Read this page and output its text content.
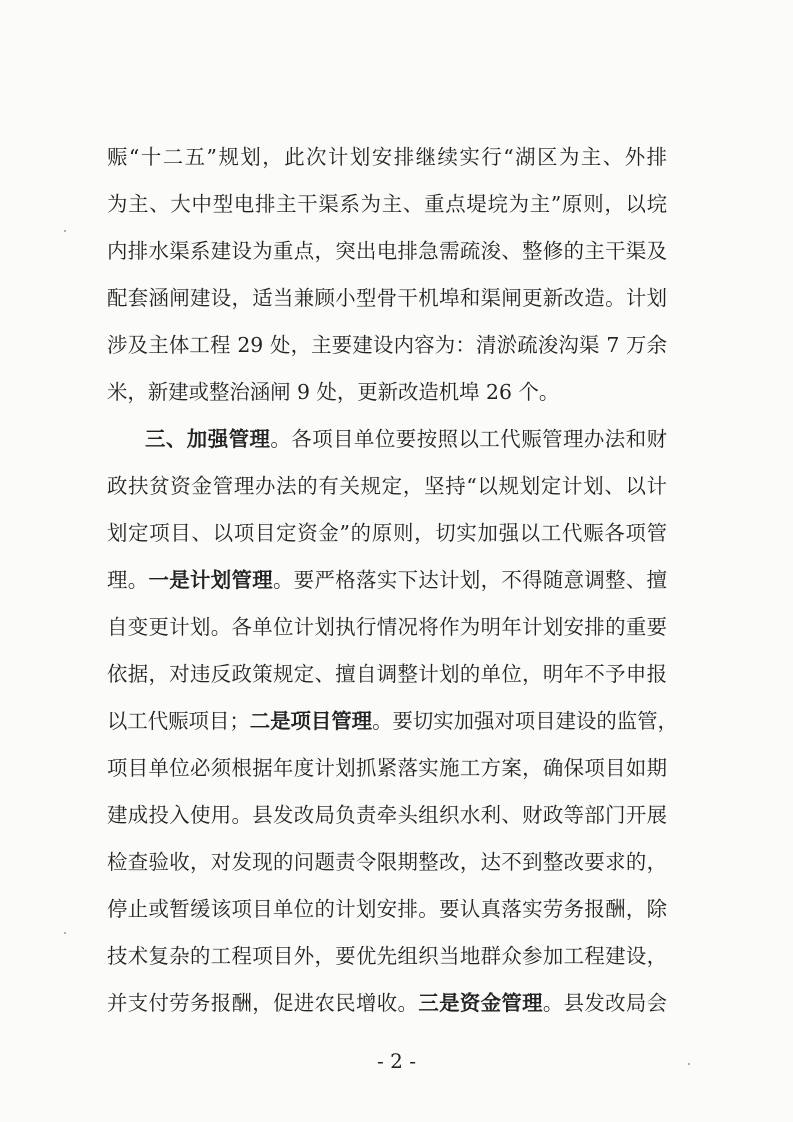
赈“十二五”规划，此次计划安排继续实行“湖区为主、外排
为主、大中型电排主干渠系为主、重点堤垸为主”原则，以垸
内排水渠系建设为重点，突出电排急需疏浚、整修的主干渠及
配套涵闸建设，适当兼顾小型骨干机埠和渠闸更新改造。计划
涉及主体工程 29 处，主要建设内容为：清淤疏浚沟渠 7 万余
米，新建或整治涵闸 9 处，更新改造机埠 26 个。
三、加强管理。各项目单位要按照以工代赈管理办法和财
政扶贫资金管理办法的有关规定，坚持“以规划定计划、以计
划定项目、以项目定资金”的原则，切实加强以工代赈各项管
理。一是计划管理。要严格落实下达计划，不得随意调整、擅
自变更计划。各单位计划执行情况将作为明年计划安排的重要
依据，对违反政策规定、擅自调整计划的单位，明年不予申报
以工代赈项目；二是项目管理。要切实加强对项目建设的监管，
项目单位必须根据年度计划抓紧落实施工方案，确保项目如期
建成投入使用。县发改局负责牵头组织水利、财政等部门开展
检查验收，对发现的问题责令限期整改，达不到整改要求的，
停止或暂缓该项目单位的计划安排。要认真落实劳务报酬，除
技术复杂的工程项目外，要优先组织当地群众参加工程建设，
并支付劳务报酬，促进农民增收。三是资金管理。县发改局会
- 2 -
